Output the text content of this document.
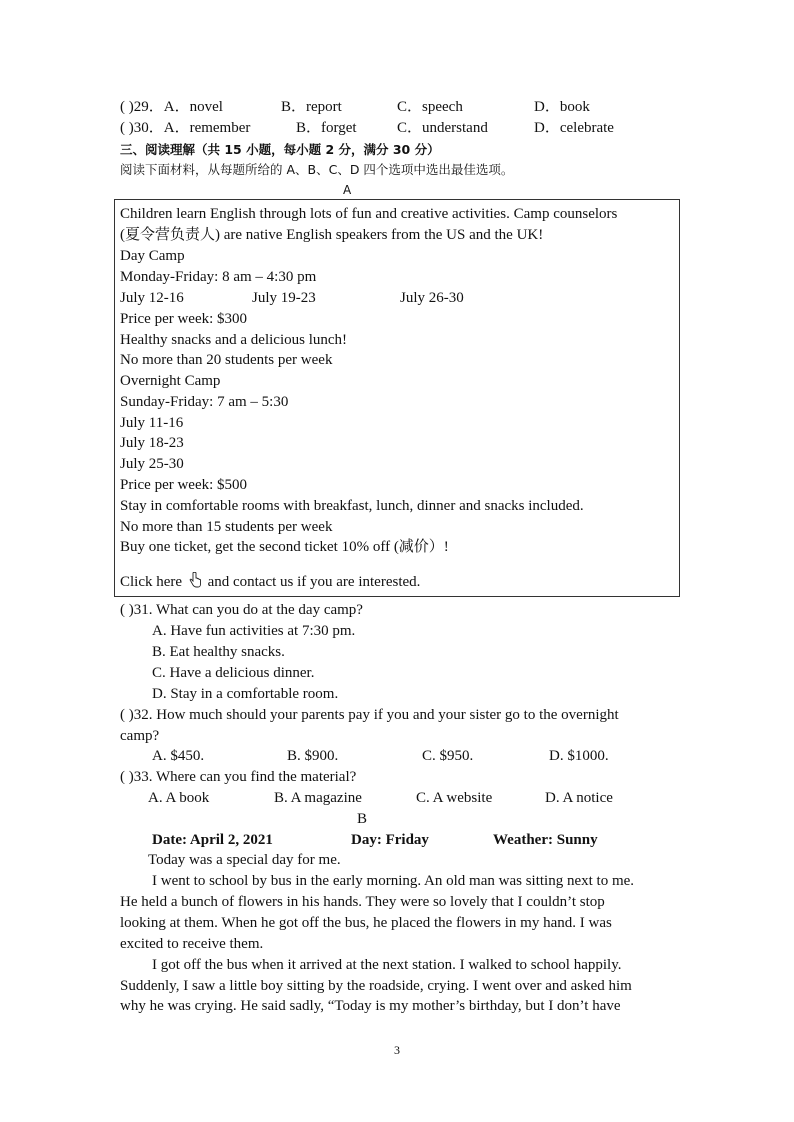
( )29．A．novel	B．report	C．speech	D．book
( )30．A．remember	B．forget	C．understand	D．celebrate
三、阅读理解（共 15 小题，每小题 2 分，满分 30 分）
阅读下面材料，从每题所给的 A、B、C、D 四个选项中选出最佳选项。
A
Children learn English through lots of fun and creative activities. Camp counselors
(夏令营负责人) are native English speakers from the US and the UK!
Day Camp
Monday-Friday: 8 am – 4:30 pm
July 12-16	July 19-23	July 26-30
Price per week: $300
Healthy snacks and a delicious lunch!
No more than 20 students per week
Overnight Camp
Sunday-Friday: 7 am – 5:30
July 11-16
July 18-23
July 25-30
Price per week: $500
Stay in comfortable rooms with breakfast, lunch, dinner and snacks included.
No more than 15 students per week
Buy one ticket, get the second ticket 10% off (减价）!
Click here and contact us if you are interested.
( )31. What can you do at the day camp?
A. Have fun activities at 7:30 pm.
B. Eat healthy snacks.
C. Have a delicious dinner.
D. Stay in a comfortable room.
( )32. How much should your parents pay if you and your sister go to the overnight
camp?
A. $450.	B. $900.	C. $950.	D. $1000.
( )33. Where can you find the material?
A. A book	B. A magazine	C. A website	D. A notice
B
Date: April 2, 2021	Day: Friday	Weather: Sunny
Today was a special day for me.
I went to school by bus in the early morning. An old man was sitting next to me.
He held a bunch of flowers in his hands. They were so lovely that I couldn’t stop
looking at them. When he got off the bus, he placed the flowers in my hand. I was
excited to receive them.
I got off the bus when it arrived at the next station. I walked to school happily.
Suddenly, I saw a little boy sitting by the roadside, crying. I went over and asked him
why he was crying. He said sadly, “Today is my mother’s birthday, but I don’t have
3
